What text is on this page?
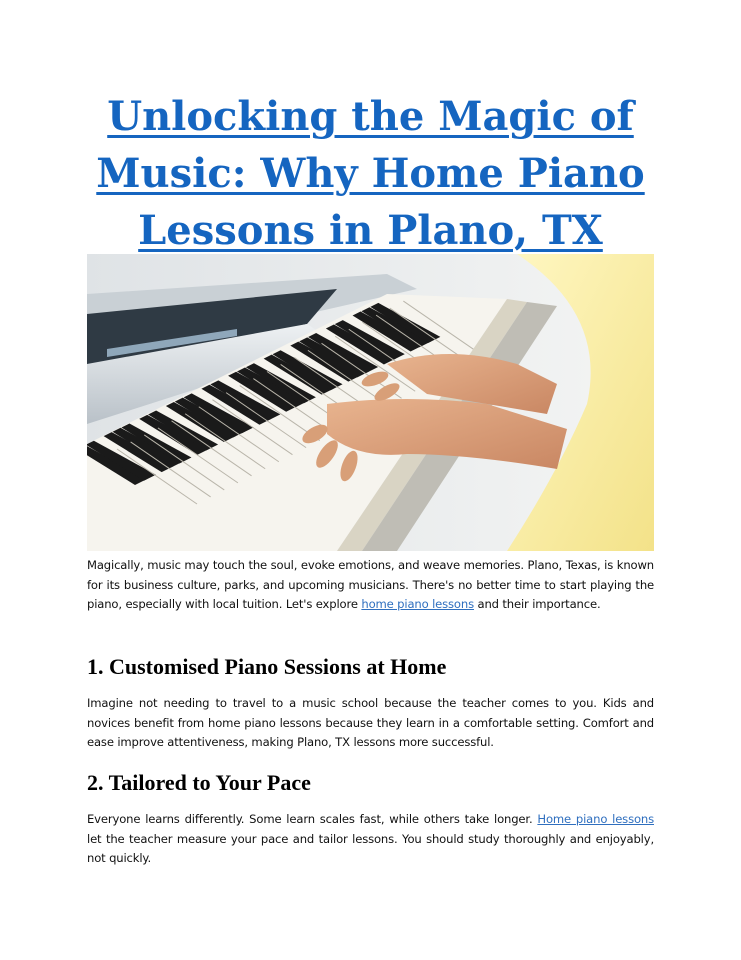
Unlocking the Magic of Music: Why Home Piano Lessons in Plano, TX

Magically, music may touch the soul, evoke emotions, and weave memories. Plano, Texas, is known for its business culture, parks, and upcoming musicians. There's no better time to start playing the piano, especially with local tuition. Let's explore home piano lessons and their importance.

1. Customised Piano Sessions at Home

Imagine not needing to travel to a music school because the teacher comes to you. Kids and novices benefit from home piano lessons because they learn in a comfortable setting. Comfort and ease improve attentiveness, making Plano, TX lessons more successful.

2. Tailored to Your Pace

Everyone learns differently. Some learn scales fast, while others take longer. Home piano lessons let the teacher measure your pace and tailor lessons. You should study thoroughly and enjoyably, not quickly.
